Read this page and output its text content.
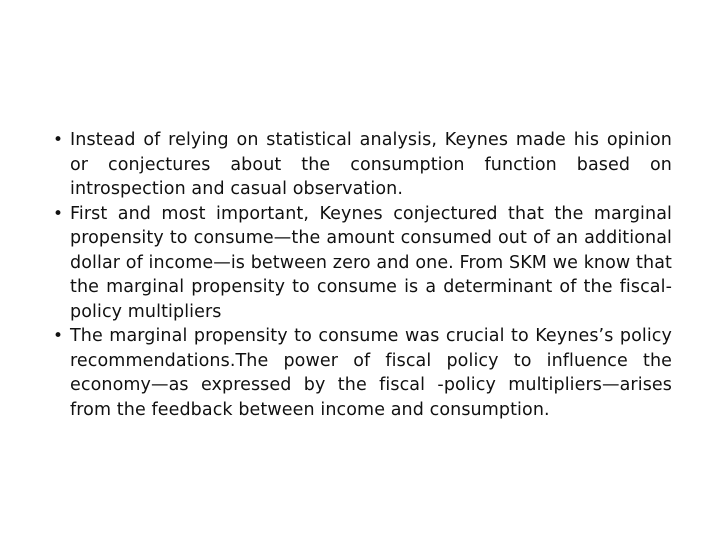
• Instead of relying on statistical analysis, Keynes made his opinion or conjectures about the consumption function based on introspection and casual observation.
• First and most important, Keynes conjectured that the marginal propensity to consume—the amount consumed out of an additional dollar of income—is between zero and one. From SKM we know that the marginal propensity to consume is a determinant of the fiscal-policy multipliers
• The marginal propensity to consume was crucial to Keynes’s policy recommendations.The power of fiscal policy to influence the economy—as expressed by the fiscal -policy multipliers—arises from the feedback between income and consumption.
